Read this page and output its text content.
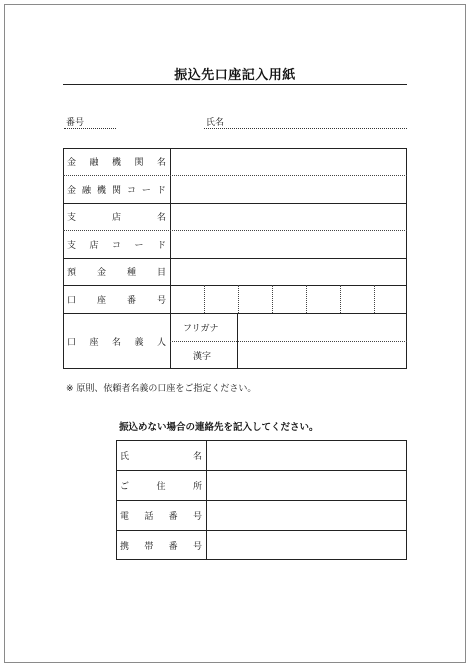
振込先口座記入用紙
番号	氏名
金 融 機 関 名
金 融 機 関 コ ー ド
支	店	名
支 店 コ ー ド
預 金 種 目
口 座 番 号
口 座 名 義 人
フリガナ
漢字
※ 原則、依頼者名義の口座をご指定ください。
振込めない場合の連絡先を記入してください。
氏	名
ご	住	所
電 話 番 号
携 帯 番 号
